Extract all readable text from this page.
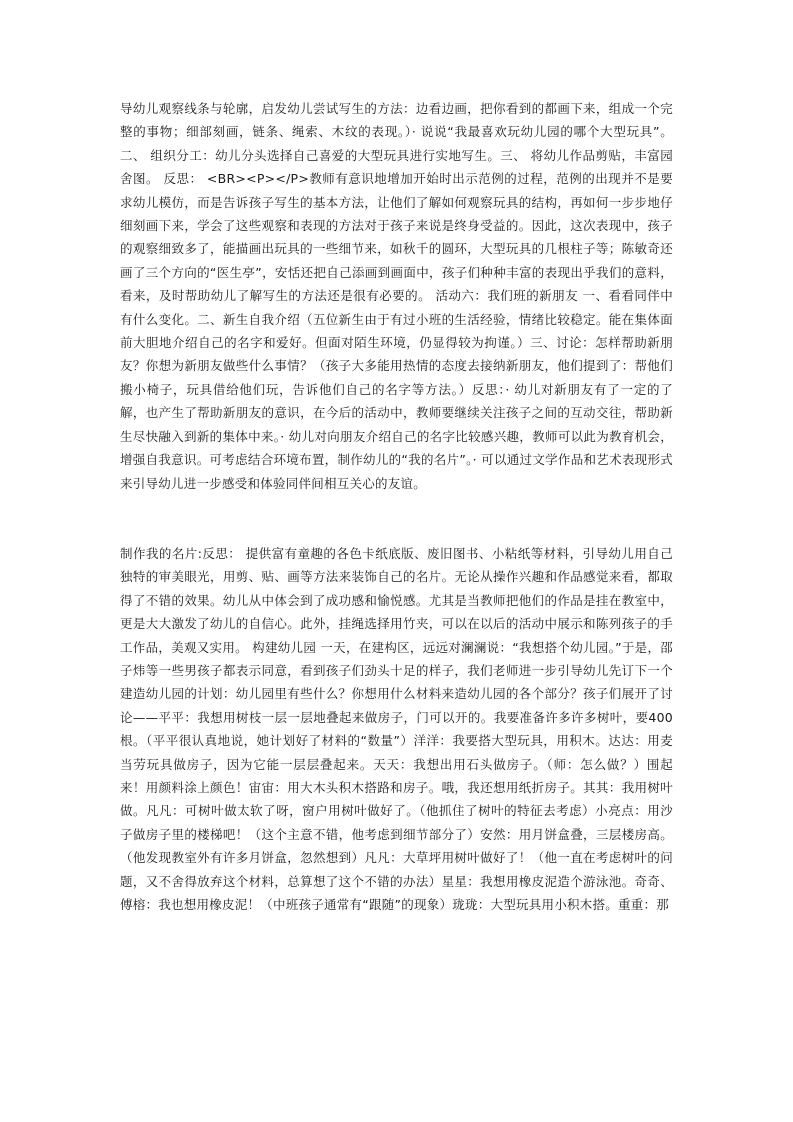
导幼儿观察线条与轮廓，启发幼儿尝试写生的方法：边看边画，把你看到的都画下来，组成一个完整的事物；细部刻画，链条、绳索、木纹的表现。）· 说说“我最喜欢玩幼儿园的哪个大型玩具”。二、 组织分工：幼儿分头选择自己喜爱的大型玩具进行实地写生。三、 将幼儿作品剪贴，丰富园舍图。 反思： <BR><P></P>教师有意识地增加开始时出示范例的过程，范例的出现并不是要求幼儿模仿，而是告诉孩子写生的基本方法，让他们了解如何观察玩具的结构，再如何一步步地仔细刻画下来，学会了这些观察和表现的方法对于孩子来说是终身受益的。因此，这次表现中，孩子的观察细致多了，能描画出玩具的一些细节来，如秋千的圆环，大型玩具的几根柱子等；陈敏奇还画了三个方向的“医生亭”，安恬还把自己添画到画面中，孩子们种种丰富的表现出乎我们的意料，看来，及时帮助幼儿了解写生的方法还是很有必要的。 活动六：我们班的新朋友 一、看看同伴中有什么变化。二、新生自我介绍（五位新生由于有过小班的生活经验，情绪比较稳定。能在集体面前大胆地介绍自己的名字和爱好。但面对陌生环境，仍显得较为拘谨。）三、讨论：怎样帮助新朋友？你想为新朋友做些什么事情？（孩子大多能用热情的态度去接纳新朋友，他们提到了：帮他们搬小椅子，玩具借给他们玩，告诉他们自己的名字等方法。）反思：· 幼儿对新朋友有了一定的了解，也产生了帮助新朋友的意识，在今后的活动中，教师要继续关注孩子之间的互动交往，帮助新生尽快融入到新的集体中来。· 幼儿对向朋友介绍自己的名字比较感兴趣，教师可以此为教育机会，增强自我意识。可考虑结合环境布置，制作幼儿的“我的名片”。· 可以通过文学作品和艺术表现形式来引导幼儿进一步感受和体验同伴间相互关心的友谊。

制作我的名片:反思： 提供富有童趣的各色卡纸底版、废旧图书、小粘纸等材料，引导幼儿用自己独特的审美眼光，用剪、贴、画等方法来装饰自己的名片。无论从操作兴趣和作品感觉来看，都取得了不错的效果。幼儿从中体会到了成功感和愉悦感。尤其是当教师把他们的作品是挂在教室中，更是大大激发了幼儿的自信心。此外，挂绳选择用竹夹，可以在以后的活动中展示和陈列孩子的手工作品，美观又实用。 构建幼儿园 一天，在建构区，远远对澜澜说：“我想搭个幼儿园。”于是，邵子炜等一些男孩子都表示同意，看到孩子们劲头十足的样子，我们老师进一步引导幼儿先订下一个建造幼儿园的计划：幼儿园里有些什么？你想用什么材料来造幼儿园的各个部分？孩子们展开了讨论——平平：我想用树枝一层一层地叠起来做房子，门可以开的。我要准备许多许多树叶，要400根。（平平很认真地说，她计划好了材料的“数量”）洋洋：我要搭大型玩具，用积木。达达：用麦当劳玩具做房子，因为它能一层层叠起来。天天：我想出用石头做房子。（师：怎么做？）围起来！用颜料涂上颜色！宙宙：用大木头积木搭路和房子。哦，我还想用纸折房子。其其：我用树叶做。凡凡：可树叶做太软了呀，窗户用树叶做好了。（他抓住了树叶的特征去考虑）小亮点：用沙子做房子里的楼梯吧！（这个主意不错，他考虑到细节部分了）安然：用月饼盒叠，三层楼房高。（他发现教室外有许多月饼盒，忽然想到）凡凡：大草坪用树叶做好了！（他一直在考虑树叶的问题，又不舍得放弃这个材料，总算想了这个不错的办法）星星：我想用橡皮泥造个游泳池。奇奇、傅榕：我也想用橡皮泥！（中班孩子通常有“跟随”的现象）珑珑：大型玩具用小积木搭。重重：那
